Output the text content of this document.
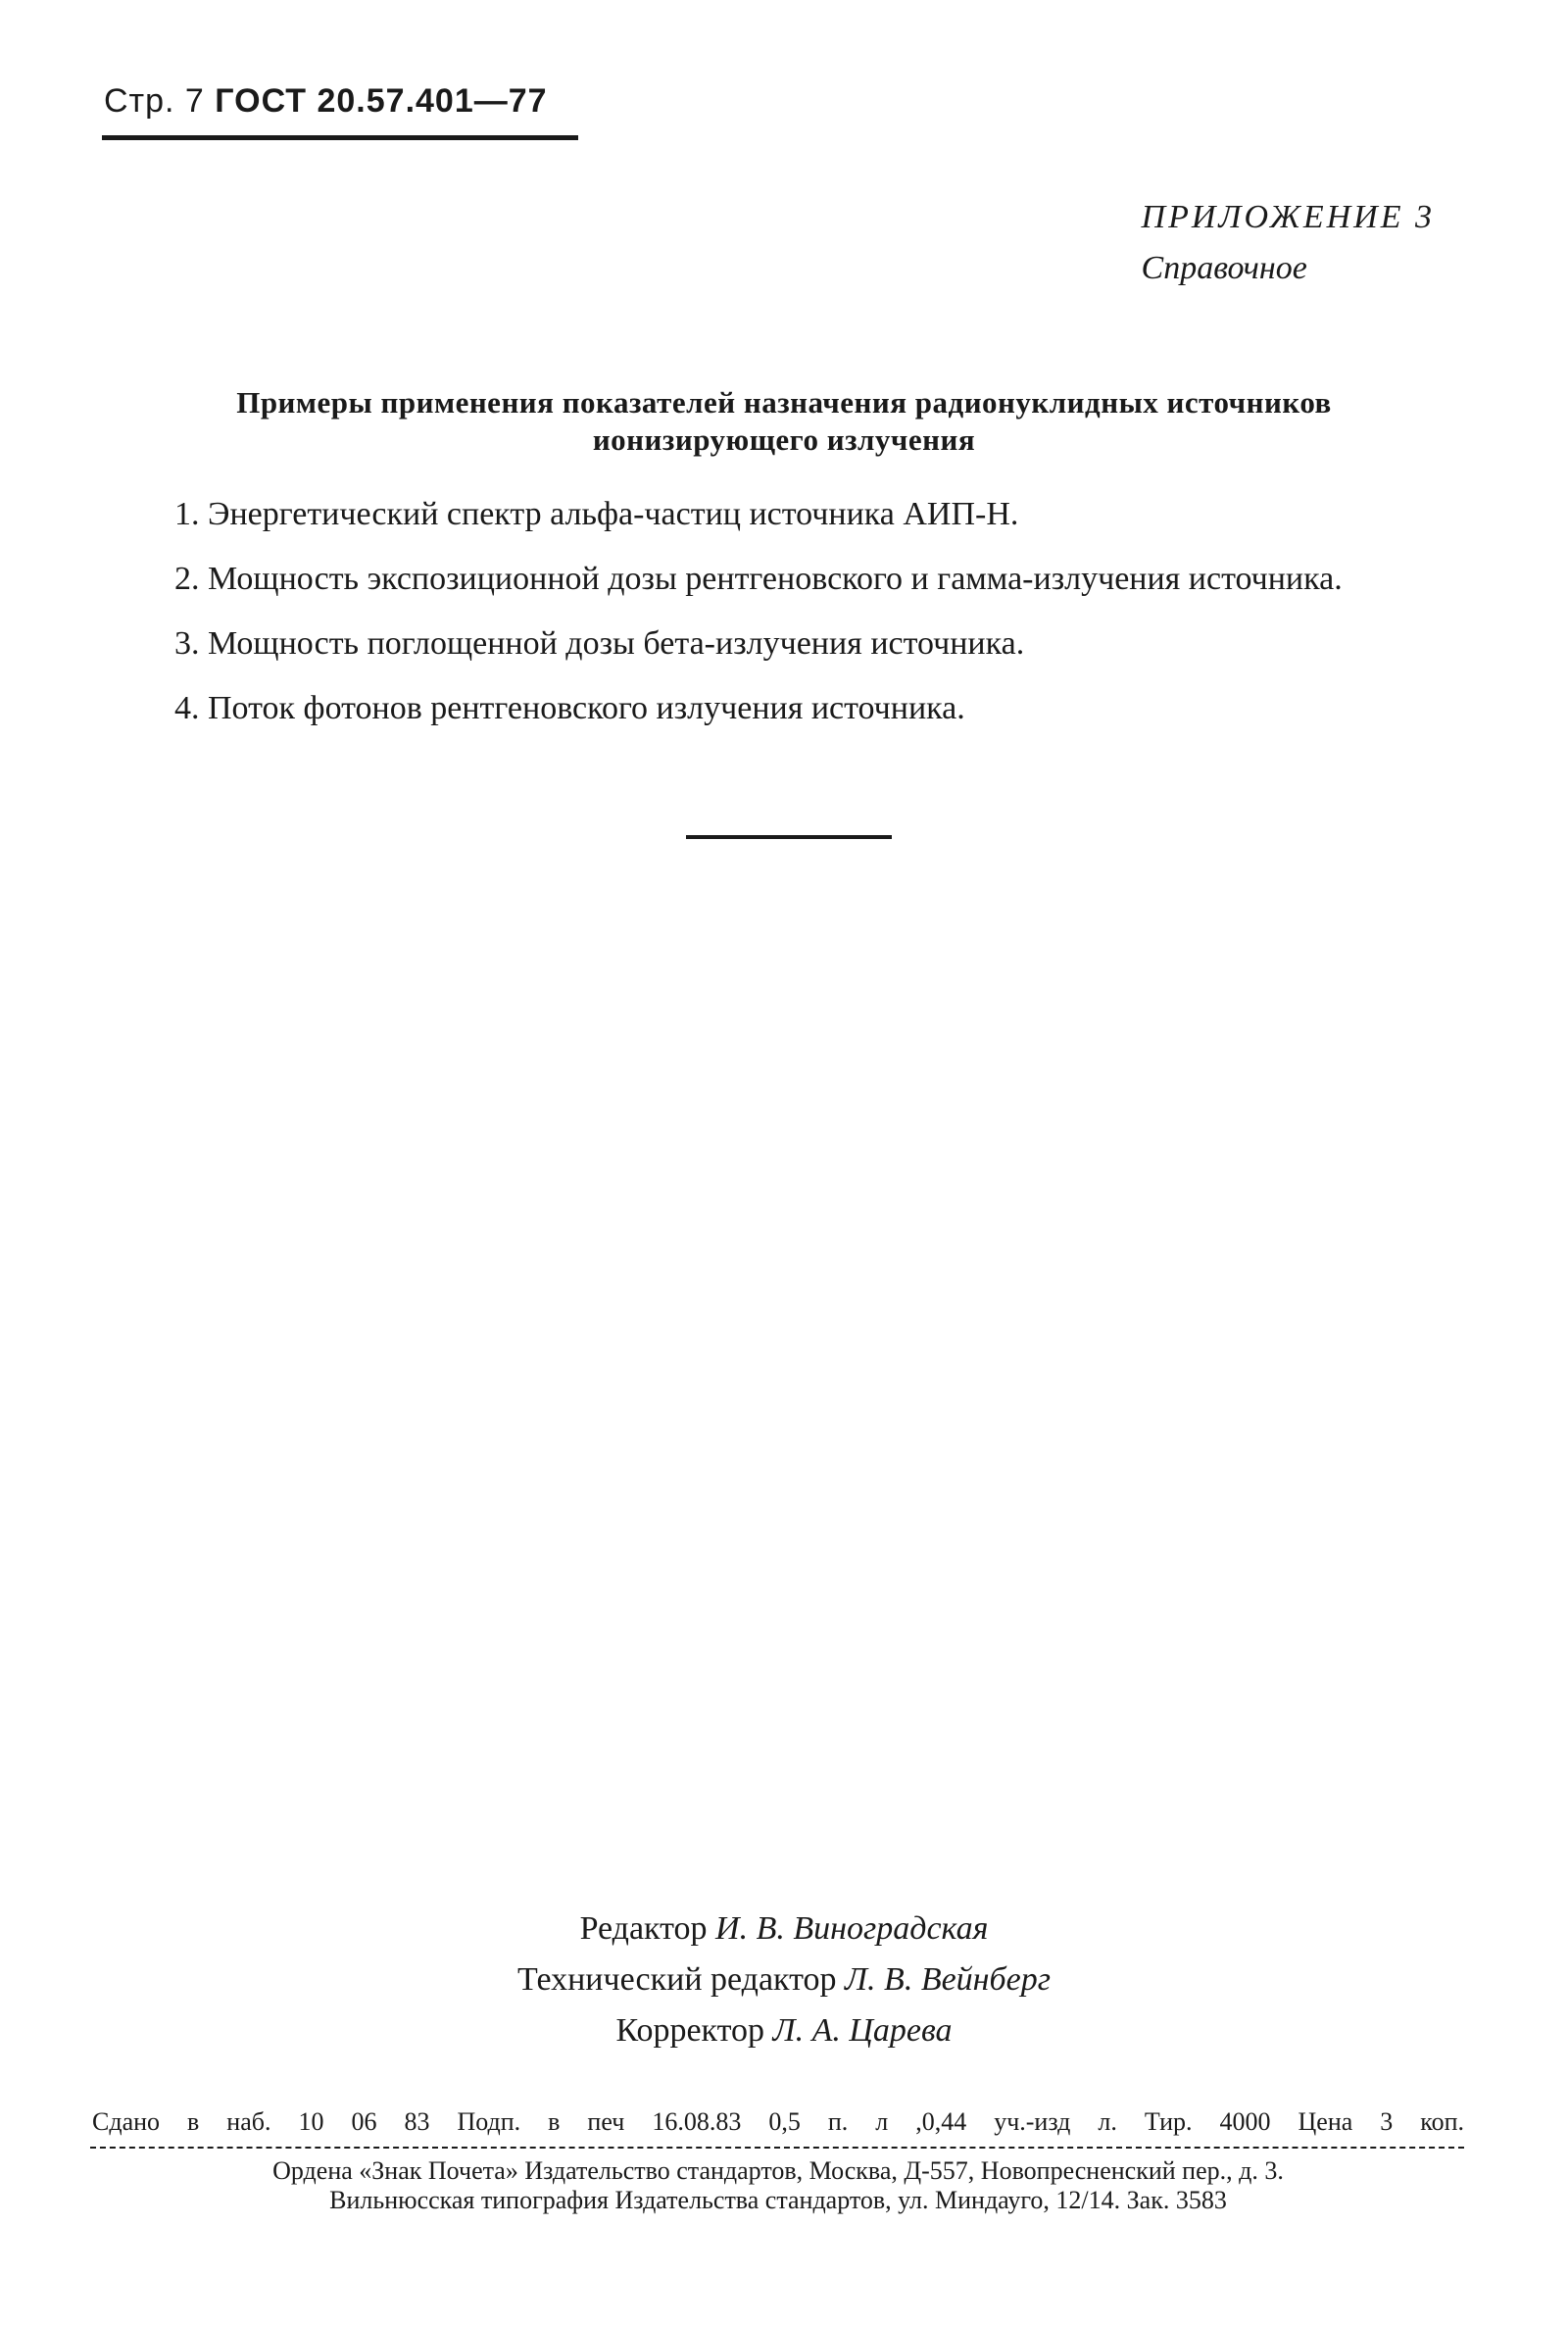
Стр. 7 ГОСТ 20.57.401—77
ПРИЛОЖЕНИЕ 3
Справочное
Примеры применения показателей назначения радионуклидных источников
ионизирующего излучения

1. Энергетический спектр альфа-частиц источника АИП-Н.

2. Мощность экспозиционной дозы рентгеновского и гамма-излучения источника.

3. Мощность поглощенной дозы бета-излучения источника.

4. Поток фотонов рентгеновского излучения источника.

Редактор И. В. Виноградская
Технический редактор Л. В. Вейнберг
Корректор Л. А. Царева
Сдано в наб. 10 06 83 Подп. в печ 16.08.83 0,5 п. л ,0,44 уч.-изд л. Тир. 4000 Цена 3 коп.
Ордена «Знак Почета» Издательство стандартов, Москва, Д-557, Новопресненский пер., д. 3.
Вильнюсская типография Издательства стандартов, ул. Миндауго, 12/14. Зак. 3583
